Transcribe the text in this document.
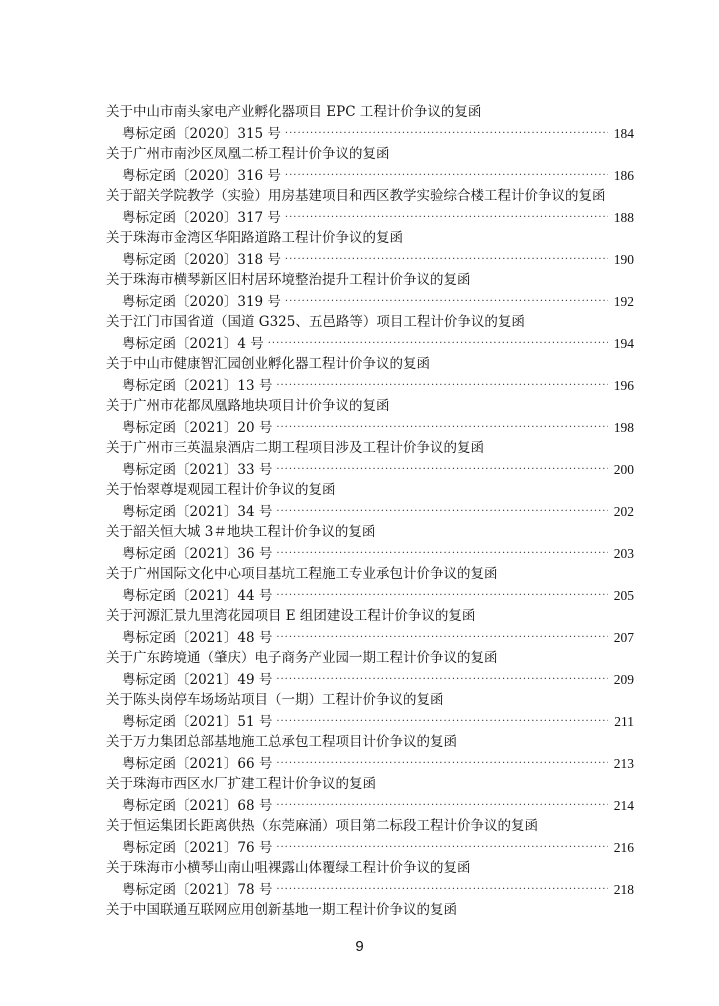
关于中山市南头家电产业孵化器项目 EPC 工程计价争议的复函
粤标定函〔2020〕315 号 ·····	184
关于广州市南沙区凤凰二桥工程计价争议的复函
粤标定函〔2020〕316 号 ·····	186
关于韶关学院教学（实验）用房基建项目和西区教学实验综合楼工程计价争议的复函
粤标定函〔2020〕317 号 ·····	188
关于珠海市金湾区华阳路道路工程计价争议的复函
粤标定函〔2020〕318 号 ·····	190
关于珠海市横琴新区旧村居环境整治提升工程计价争议的复函
粤标定函〔2020〕319 号 ·····	192
关于江门市国省道（国道 G325、五邑路等）项目工程计价争议的复函
粤标定函〔2021〕4 号 ·····	194
关于中山市健康智汇园创业孵化器工程计价争议的复函
粤标定函〔2021〕13 号 ·····	196
关于广州市花都凤凰路地块项目计价争议的复函
粤标定函〔2021〕20 号 ·····	198
关于广州市三英温泉酒店二期工程项目涉及工程计价争议的复函
粤标定函〔2021〕33 号 ·····	200
关于怡翠尊堤观园工程计价争议的复函
粤标定函〔2021〕34 号 ·····	202
关于韶关恒大城 3＃地块工程计价争议的复函
粤标定函〔2021〕36 号 ·····	203
关于广州国际文化中心项目基坑工程施工专业承包计价争议的复函
粤标定函〔2021〕44 号 ·····	205
关于河源汇景九里湾花园项目 E 组团建设工程计价争议的复函
粤标定函〔2021〕48 号 ·····	207
关于广东跨境通（肇庆）电子商务产业园一期工程计价争议的复函
粤标定函〔2021〕49 号 ·····	209
关于陈头岗停车场场站项目（一期）工程计价争议的复函
粤标定函〔2021〕51 号 ·····	211
关于万力集团总部基地施工总承包工程项目计价争议的复函
粤标定函〔2021〕66 号 ·····	213
关于珠海市西区水厂扩建工程计价争议的复函
粤标定函〔2021〕68 号 ·····	214
关于恒运集团长距离供热（东莞麻涌）项目第二标段工程计价争议的复函
粤标定函〔2021〕76 号 ·····	216
关于珠海市小横琴山南山咀裸露山体覆绿工程计价争议的复函
粤标定函〔2021〕78 号 ·····	218
关于中国联通互联网应用创新基地一期工程计价争议的复函
9
